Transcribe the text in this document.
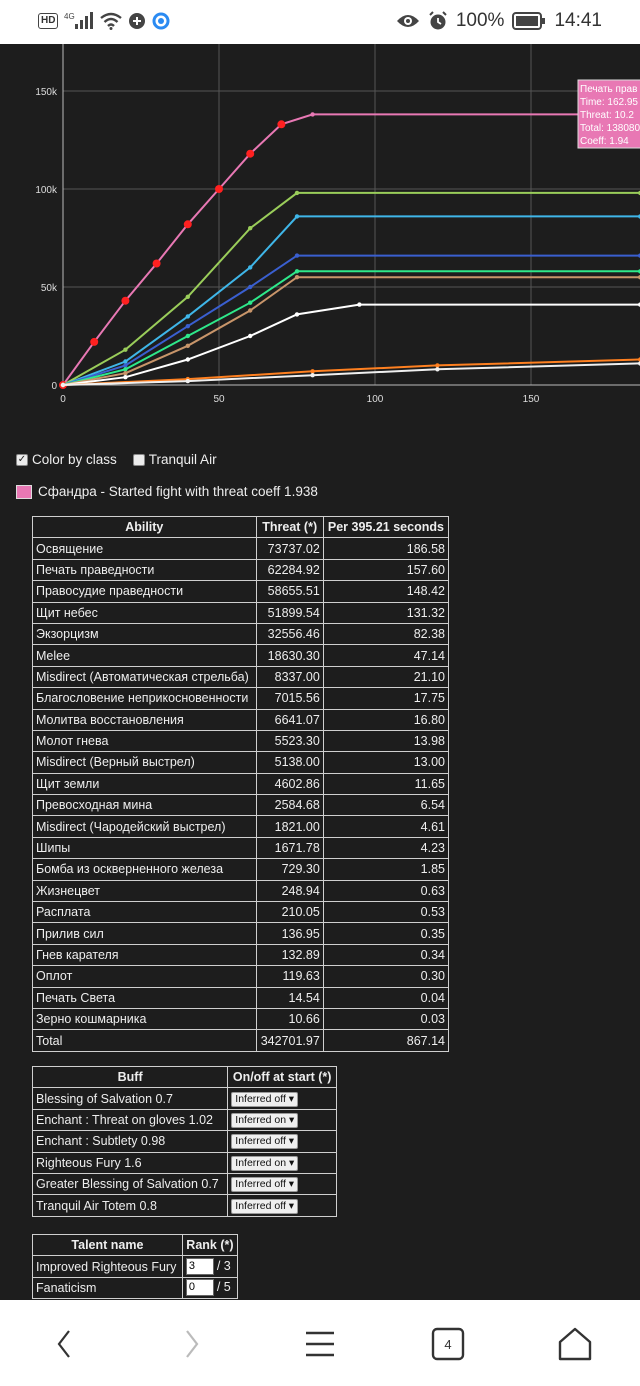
HD	4G	100%	14:41
150k
100k
50k
0
0	50	100	150
Печать прав
Time: 162.95
Threat: 10.2
Total: 138080
Coeff: 1.94
✓ Color by class Tranquil Air
Сфандра - Started fight with threat coeff 1.938
Ability	Threat (*)	Per 395.21 seconds
Освящение	73737.02	186.58
Печать праведности	62284.92	157.60
Правосудие праведности	58655.51	148.42
Щит небес	51899.54	131.32
Экзорцизм	32556.46	82.38
Melee	18630.30	47.14
Misdirect (Автоматическая стрельба)	8337.00	21.10
Благословение неприкосновенности	7015.56	17.75
Молитва восстановления	6641.07	16.80
Молот гнева	5523.30	13.98
Misdirect (Верный выстрел)	5138.00	13.00
Щит земли	4602.86	11.65
Превосходная мина	2584.68	6.54
Misdirect (Чародейский выстрел)	1821.00	4.61
Шипы	1671.78	4.23
Бомба из оскверненного железа	729.30	1.85
Жизнецвет	248.94	0.63
Расплата	210.05	0.53
Прилив сил	136.95	0.35
Гнев карателя	132.89	0.34
Оплот	119.63	0.30
Печать Света	14.54	0.04
Зерно кошмарника	10.66	0.03
Total	342701.97	867.14
Buff	On/off at start (*)
Blessing of Salvation 0.7	Inferred off ▾
Enchant : Threat on gloves 1.02	Inferred on ▾
Enchant : Subtlety 0.98	Inferred off ▾
Righteous Fury 1.6	Inferred on ▾
Greater Blessing of Salvation 0.7	Inferred off ▾
Tranquil Air Totem 0.8	Inferred off ▾
Talent name	Rank (*)
Improved Righteous Fury	3 / 3
Fanaticism	0 / 5
4
